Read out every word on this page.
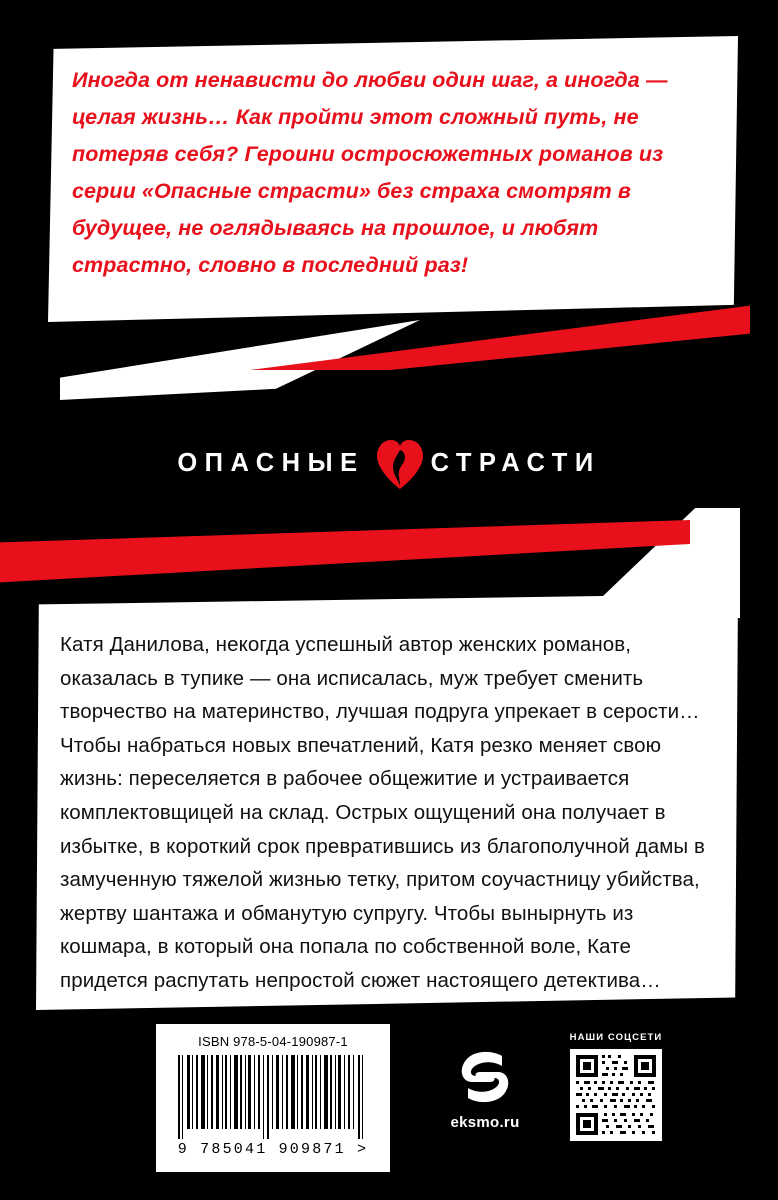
Иногда от ненависти до любви один шаг, а иногда — целая жизнь… Как пройти этот сложный путь, не потеряв себя? Героини остросюжетных романов из серии «Опасные страсти» без страха смотрят в будущее, не оглядываясь на прошлое, и любят страстно, словно в последний раз!
ОПАСНЫЕ	СТРАСТИ
Катя Данилова, некогда успешный автор женских романов, оказалась в тупике — она исписалась, муж требует сменить творчество на материнство, лучшая подруга упрекает в серости… Чтобы набраться новых впечатлений, Катя резко меняет свою жизнь: переселяется в рабочее общежитие и устраивается комплектовщицей на склад. Острых ощущений она получает в избытке, в короткий срок превратившись из благополучной дамы в замученную тяжелой жизнью тетку, притом соучастницу убийства, жертву шантажа и обманутую супругу. Чтобы вынырнуть из кошмара, в который она попала по собственной воле, Кате придется распутать непростой сюжет настоящего детектива…
ISBN 978-5-04-190987-1
9 785041 909871 >
eksmo.ru
НАШИ СОЦСЕТИ
